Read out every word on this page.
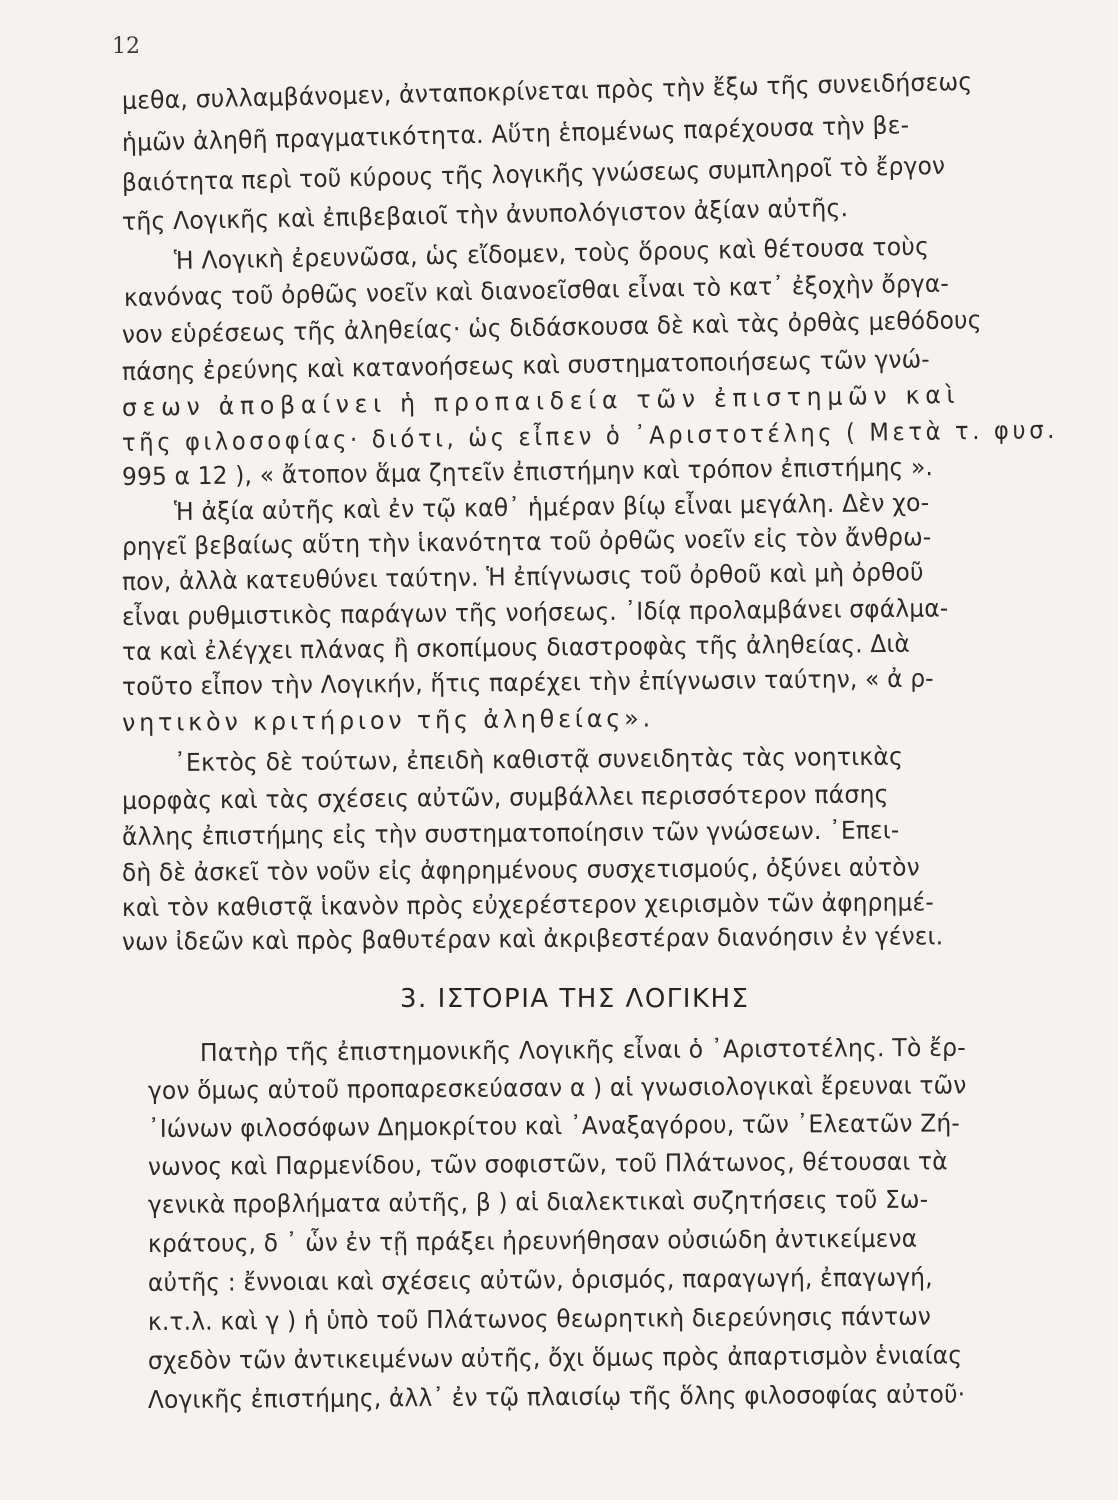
12
μεθα, συλλαμβάνομεν, ἀνταποκρίνεται πρὸς τὴν ἔξω τῆς συνειδήσεως
ἡμῶν ἀληθῆ πραγματικότητα. Αὕτη ἑπομένως παρέχουσα τὴν βε-
βαιότητα περὶ τοῦ κύρους τῆς λογικῆς γνώσεως συμπληροῖ τὸ ἔργον
τῆς Λογικῆς καὶ ἐπιβεβαιοῖ τὴν ἀνυπολόγιστον ἀξίαν αὐτῆς.
Ἡ Λογικὴ ἐρευνῶσα, ὡς εἴδομεν, τοὺς ὅρους καὶ θέτουσα τοὺς
κανόνας τοῦ ὀρθῶς νοεῖν καὶ διανοεῖσθαι εἶναι τὸ κατ᾽ ἐξοχὴν ὄργα-
νον εὑρέσεως τῆς ἀληθείας· ὡς διδάσκουσα δὲ καὶ τὰς ὀρθὰς μεθόδους
πάσης ἐρεύνης καὶ κατανοήσεως καὶ συστηματοποιήσεως τῶν γνώ-
σεων ἀποβαίνει ἡ προπαιδεία τῶν ἐπιστημῶν καὶ
τῆς φιλοσοφίας· διότι, ὡς εἶπεν ὁ ᾿Αριστοτέλης ( Μετὰ τ. φυσ.
995 α 12 ), « ἄτοπον ἅμα ζητεῖν ἐπιστήμην καὶ τρόπον ἐπιστήμης ».
Ἡ ἀξία αὐτῆς καὶ ἐν τῷ καθ᾽ ἡμέραν βίῳ εἶναι μεγάλη. Δὲν χο-
ρηγεῖ βεβαίως αὕτη τὴν ἱκανότητα τοῦ ὀρθῶς νοεῖν εἰς τὸν ἄνθρω-
πον, ἀλλὰ κατευθύνει ταύτην. Ἡ ἐπίγνωσις τοῦ ὀρθοῦ καὶ μὴ ὀρθοῦ
εἶναι ρυθμιστικὸς παράγων τῆς νοήσεως. ᾿Ιδίᾳ προλαμβάνει σφάλμα-
τα καὶ ἐλέγχει πλάνας ἢ σκοπίμους διαστροφὰς τῆς ἀληθείας. Διὰ
τοῦτο εἶπον τὴν Λογικήν, ἥτις παρέχει τὴν ἐπίγνωσιν ταύτην, « ἀ ρ-
νητικὸν κριτήριον τῆς ἀληθείας».
᾿Εκτὸς δὲ τούτων, ἐπειδὴ καθιστᾷ συνειδητὰς τὰς νοητικὰς
μορφὰς καὶ τὰς σχέσεις αὐτῶν, συμβάλλει περισσότερον πάσης
ἄλλης ἐπιστήμης εἰς τὴν συστηματοποίησιν τῶν γνώσεων. ᾿Επει-
δὴ δὲ ἀσκεῖ τὸν νοῦν εἰς ἀφηρημένους συσχετισμούς, ὀξύνει αὐτὸν
καὶ τὸν καθιστᾷ ἱκανὸν πρὸς εὐχερέστερον χειρισμὸν τῶν ἀφηρημέ-
νων ἰδεῶν καὶ πρὸς βαθυτέραν καὶ ἀκριβεστέραν διανόησιν ἐν γένει.
3. ΙΣΤΟΡΙΑ ΤΗΣ ΛΟΓΙΚΗΣ
Πατὴρ τῆς ἐπιστημονικῆς Λογικῆς εἶναι ὁ ᾿Αριστοτέλης. Τὸ ἔρ-
γον ὅμως αὐτοῦ προπαρεσκεύασαν α ) αἱ γνωσιολογικαὶ ἔρευναι τῶν
᾿Ιώνων φιλοσόφων Δημοκρίτου καὶ ᾿Αναξαγόρου, τῶν ᾿Ελεατῶν Ζή-
νωνος καὶ Παρμενίδου, τῶν σοφιστῶν, τοῦ Πλάτωνος, θέτουσαι τὰ
γενικὰ προβλήματα αὐτῆς, β ) αἱ διαλεκτικαὶ συζητήσεις τοῦ Σω-
κράτους, δ ᾽ ὧν ἐν τῇ πράξει ἠρευνήθησαν οὐσιώδη ἀντικείμενα
αὐτῆς : ἔννοιαι καὶ σχέσεις αὐτῶν, ὁρισμός, παραγωγή, ἐπαγωγή,
κ.τ.λ. καὶ γ ) ἡ ὑπὸ τοῦ Πλάτωνος θεωρητικὴ διερεύνησις πάντων
σχεδὸν τῶν ἀντικειμένων αὐτῆς, ὄχι ὅμως πρὸς ἀπαρτισμὸν ἑνιαίας
Λογικῆς ἐπιστήμης, ἀλλ᾽ ἐν τῷ πλαισίῳ τῆς ὅλης φιλοσοφίας αὐτοῦ·
